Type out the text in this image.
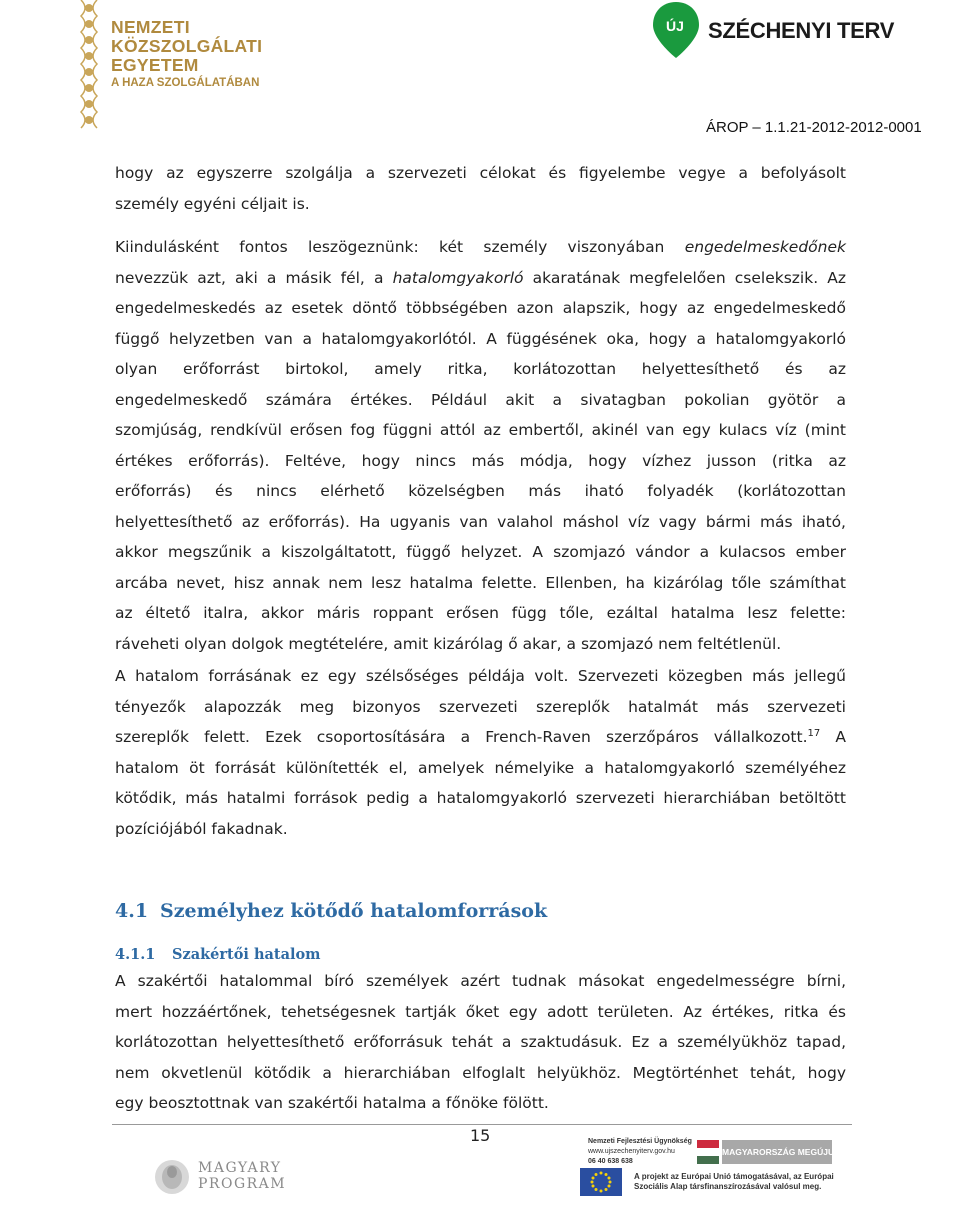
NEMZETI
KÖZSZOLGÁLATI
EGYETEM
A HAZA SZOLGÁLATÁBAN
ÚJ SZÉCHENYI TERV
ÁROP – 1.1.21-2012-2012-0001
hogy az egyszerre szolgálja a szervezeti célokat és figyelembe vegye a befolyásolt
személy egyéni céljait is.
Kiindulásként fontos leszögeznünk: két személy viszonyában engedelmeskedőnek
nevezzük azt, aki a másik fél, a hatalomgyakorló akaratának megfelelően cselekszik. Az
engedelmeskedés az esetek döntő többségében azon alapszik, hogy az engedelmeskedő
függő helyzetben van a hatalomgyakorlótól. A függésének oka, hogy a hatalomgyakorló
olyan erőforrást birtokol, amely ritka, korlátozottan helyettesíthető és az
engedelmeskedő számára értékes. Például akit a sivatagban pokolian gyötör a
szomjúság, rendkívül erősen fog függni attól az embertől, akinél van egy kulacs víz (mint
értékes erőforrás). Feltéve, hogy nincs más módja, hogy vízhez jusson (ritka az
erőforrás) és nincs elérhető közelségben más iható folyadék (korlátozottan
helyettesíthető az erőforrás). Ha ugyanis van valahol máshol víz vagy bármi más iható,
akkor megszűnik a kiszolgáltatott, függő helyzet. A szomjazó vándor a kulacsos ember
arcába nevet, hisz annak nem lesz hatalma felette. Ellenben, ha kizárólag tőle számíthat
az éltető italra, akkor máris roppant erősen függ tőle, ezáltal hatalma lesz felette:
ráveheti olyan dolgok megtételére, amit kizárólag ő akar, a szomjazó nem feltétlenül.
A hatalom forrásának ez egy szélsőséges példája volt. Szervezeti közegben más jellegű
tényezők alapozzák meg bizonyos szervezeti szereplők hatalmát más szervezeti
szereplők felett. Ezek csoportosítására a French-Raven szerzőpáros vállalkozott.$^{17}$ A
hatalom öt forrását különítették el, amelyek némelyike a hatalomgyakorló személyéhez
kötődik, más hatalmi források pedig a hatalomgyakorló szervezeti hierarchiában betöltött
pozíciójából fakadnak.
4.1 Személyhez kötődő hatalomforrások
4.1.1 Szakértői hatalom
A szakértői hatalommal bíró személyek azért tudnak másokat engedelmességre bírni,
mert hozzáértőnek, tehetségesnek tartják őket egy adott területen. Az értékes, ritka és
korlátozottan helyettesíthető erőforrásuk tehát a szaktudásuk. Ez a személyükhöz tapad,
nem okvetlenül kötődik a hierarchiában elfoglalt helyükhöz. Megtörténhet tehát, hogy
egy beosztottnak van szakértői hatalma a főnöke fölött.
15
MAGYARY
PROGRAM
Nemzeti Fejlesztési Ügynökség
www.ujszechenyiterv.gov.hu
06 40 638 638
MAGYARORSZÁG MEGÚJUL
A projekt az Európai Unió támogatásával, az Európai
Szociális Alap társfinanszírozásával valósul meg.
